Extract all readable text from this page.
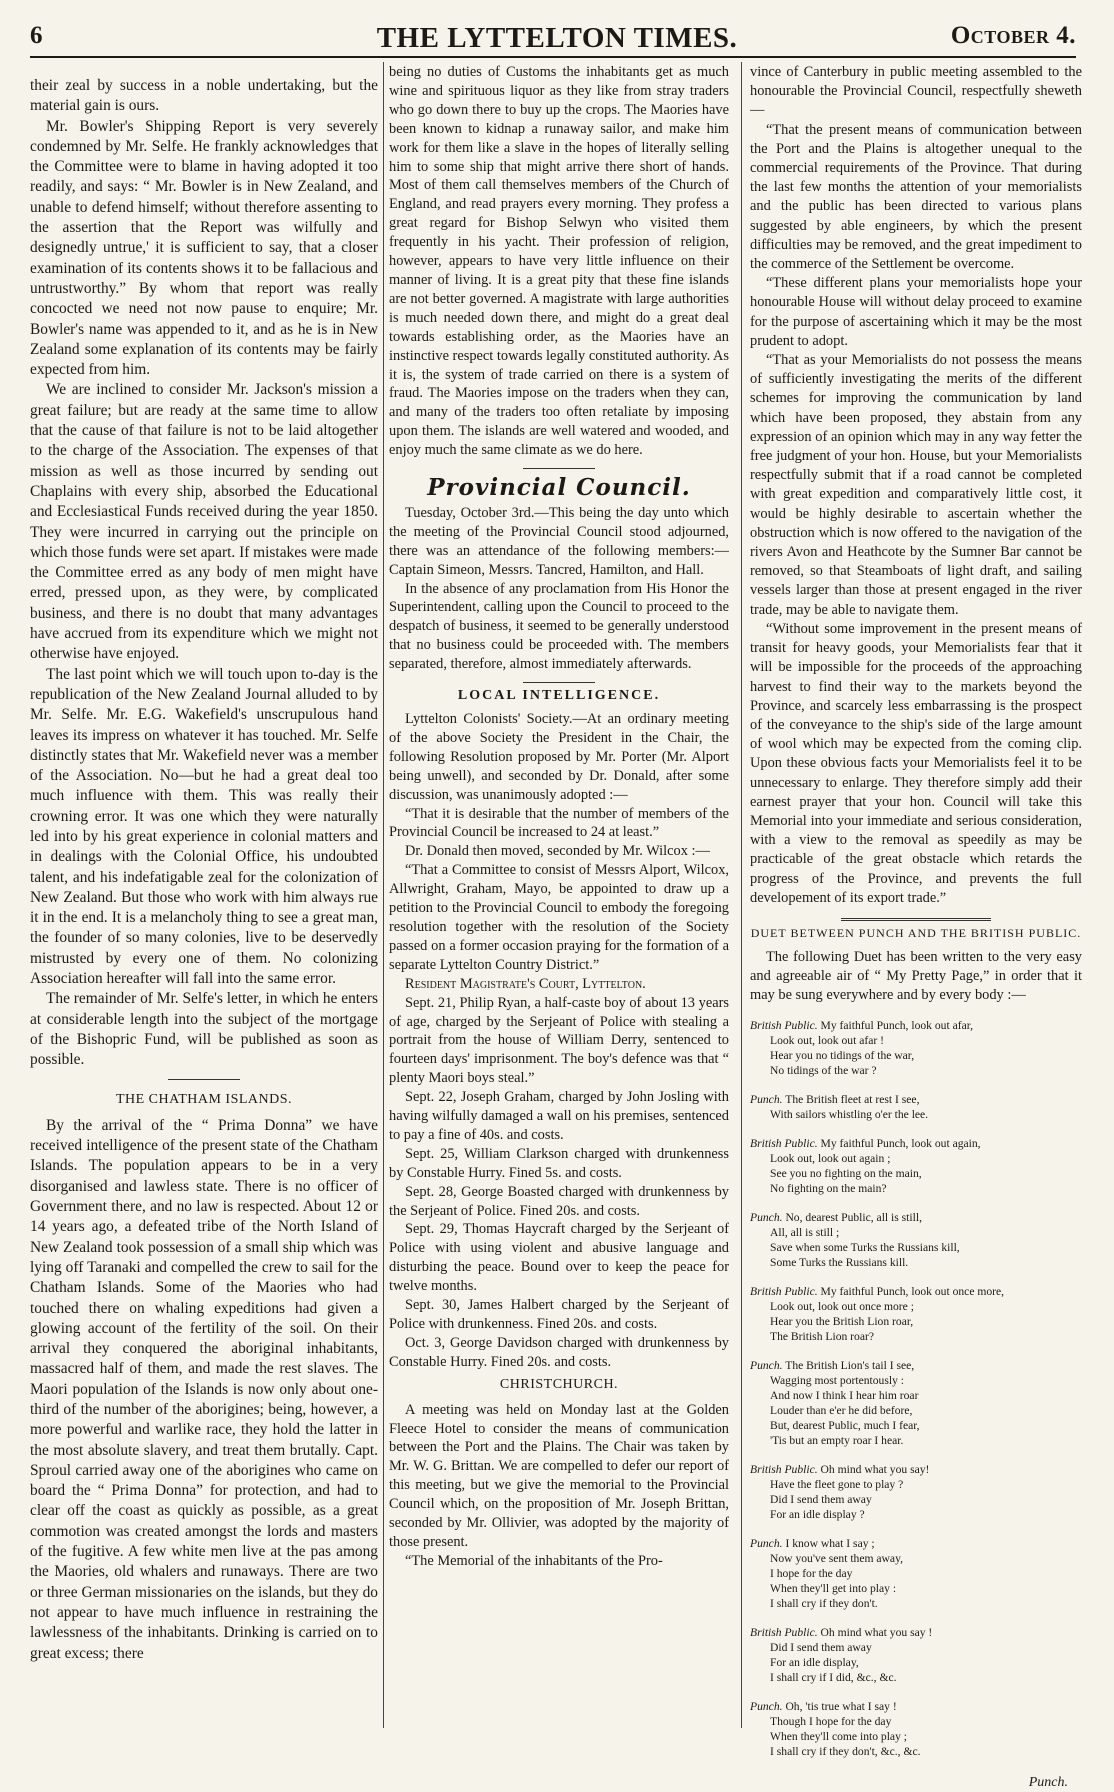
6	THE LYTTELTON TIMES.	October 4.

their zeal by success in a noble undertaking, but the material gain is ours.

Mr. Bowler's Shipping Report is very severely condemned by Mr. Selfe. He frankly acknowledges that the Committee were to blame in having adopted it too readily, and says: “ Mr. Bowler is in New Zealand, and unable to defend himself; without therefore assenting to the assertion that the Report was wilfully and designedly untrue,' it is sufficient to say, that a closer examination of its contents shows it to be fallacious and untrustworthy.” By whom that report was really concocted we need not now pause to enquire; Mr. Bowler's name was appended to it, and as he is in New Zealand some explanation of its contents may be fairly expected from him.

We are inclined to consider Mr. Jackson's mission a great failure; but are ready at the same time to allow that the cause of that failure is not to be laid altogether to the charge of the Association. The expenses of that mission as well as those incurred by sending out Chaplains with every ship, absorbed the Educational and Ecclesiastical Funds received during the year 1850. They were incurred in carrying out the principle on which those funds were set apart. If mistakes were made the Committee erred as any body of men might have erred, pressed upon, as they were, by complicated business, and there is no doubt that many advantages have accrued from its expenditure which we might not otherwise have enjoyed.

The last point which we will touch upon to-day is the republication of the New Zealand Journal alluded to by Mr. Selfe. Mr. E.G. Wakefield's unscrupulous hand leaves its impress on whatever it has touched. Mr. Selfe distinctly states that Mr. Wakefield never was a member of the Association. No—but he had a great deal too much influence with them. This was really their crowning error. It was one which they were naturally led into by his great experience in colonial matters and in dealings with the Colonial Office, his undoubted talent, and his indefatigable zeal for the colonization of New Zealand. But those who work with him always rue it in the end. It is a melancholy thing to see a great man, the founder of so many colonies, live to be deservedly mistrusted by every one of them. No colonizing Association hereafter will fall into the same error.

The remainder of Mr. Selfe's letter, in which he enters at considerable length into the subject of the mortgage of the Bishopric Fund, will be published as soon as possible.

THE CHATHAM ISLANDS.

By the arrival of the “ Prima Donna” we have received intelligence of the present state of the Chatham Islands. The population appears to be in a very disorganised and lawless state. There is no officer of Government there, and no law is respected. About 12 or 14 years ago, a defeated tribe of the North Island of New Zealand took possession of a small ship which was lying off Taranaki and compelled the crew to sail for the Chatham Islands. Some of the Maories who had touched there on whaling expeditions had given a glowing account of the fertility of the soil. On their arrival they conquered the aboriginal inhabitants, massacred half of them, and made the rest slaves. The Maori population of the Islands is now only about one-third of the number of the aborigines; being, however, a more powerful and warlike race, they hold the latter in the most absolute slavery, and treat them brutally. Capt. Sproul carried away one of the aborigines who came on board the “ Prima Donna” for protection, and had to clear off the coast as quickly as possible, as a great commotion was created amongst the lords and masters of the fugitive. A few white men live at the pas among the Maories, old whalers and runaways. There are two or three German missionaries on the islands, but they do not appear to have much influence in restraining the lawlessness of the inhabitants. Drinking is carried on to great excess; there

being no duties of Customs the inhabitants get as much wine and spirituous liquor as they like from stray traders who go down there to buy up the crops. The Maories have been known to kidnap a runaway sailor, and make him work for them like a slave in the hopes of literally selling him to some ship that might arrive there short of hands. Most of them call themselves members of the Church of England, and read prayers every morning. They profess a great regard for Bishop Selwyn who visited them frequently in his yacht. Their profession of religion, however, appears to have very little influence on their manner of living. It is a great pity that these fine islands are not better governed. A magistrate with large authorities is much needed down there, and might do a great deal towards establishing order, as the Maories have an instinctive respect towards legally constituted authority. As it is, the system of trade carried on there is a system of fraud. The Maories impose on the traders when they can, and many of the traders too often retaliate by imposing upon them. The islands are well watered and wooded, and enjoy much the same climate as we do here.

Provincial Council.

Tuesday, October 3rd.—This being the day unto which the meeting of the Provincial Council stood adjourned, there was an attendance of the following members:—Captain Simeon, Messrs. Tancred, Hamilton, and Hall.

In the absence of any proclamation from His Honor the Superintendent, calling upon the Council to proceed to the despatch of business, it seemed to be generally understood that no business could be proceeded with. The members separated, therefore, almost immediately afterwards.

LOCAL INTELLIGENCE.

Lyttelton Colonists' Society.—At an ordinary meeting of the above Society the President in the Chair, the following Resolution proposed by Mr. Porter (Mr. Alport being unwell), and seconded by Dr. Donald, after some discussion, was unanimously adopted :—

“That it is desirable that the number of members of the Provincial Council be increased to 24 at least.”

Dr. Donald then moved, seconded by Mr. Wilcox :—

“That a Committee to consist of Messrs Alport, Wilcox, Allwright, Graham, Mayo, be appointed to draw up a petition to the Provincial Council to embody the foregoing resolution together with the resolution of the Society passed on a former occasion praying for the formation of a separate Lyttelton Country District.”

Resident Magistrate's Court, Lyttelton.

Sept. 21, Philip Ryan, a half-caste boy of about 13 years of age, charged by the Serjeant of Police with stealing a portrait from the house of William Derry, sentenced to fourteen days' imprisonment. The boy's defence was that “ plenty Maori boys steal.”

Sept. 22, Joseph Graham, charged by John Josling with having wilfully damaged a wall on his premises, sentenced to pay a fine of 40s. and costs.

Sept. 25, William Clarkson charged with drunkenness by Constable Hurry. Fined 5s. and costs.

Sept. 28, George Boasted charged with drunkenness by the Serjeant of Police. Fined 20s. and costs.

Sept. 29, Thomas Haycraft charged by the Serjeant of Police with using violent and abusive language and disturbing the peace. Bound over to keep the peace for twelve months.

Sept. 30, James Halbert charged by the Serjeant of Police with drunkenness. Fined 20s. and costs.

Oct. 3, George Davidson charged with drunkenness by Constable Hurry. Fined 20s. and costs.

CHRISTCHURCH.

A meeting was held on Monday last at the Golden Fleece Hotel to consider the means of communication between the Port and the Plains. The Chair was taken by Mr. W. G. Brittan. We are compelled to defer our report of this meeting, but we give the memorial to the Provincial Council which, on the proposition of Mr. Joseph Brittan, seconded by Mr. Ollivier, was adopted by the majority of those present.

“The Memorial of the inhabitants of the Pro-

vince of Canterbury in public meeting assembled to the honourable the Provincial Council, respectfully sheweth—

“That the present means of communication between the Port and the Plains is altogether unequal to the commercial requirements of the Province. That during the last few months the attention of your memorialists and the public has been directed to various plans suggested by able engineers, by which the present difficulties may be removed, and the great impediment to the commerce of the Settlement be overcome.

“These different plans your memorialists hope your honourable House will without delay proceed to examine for the purpose of ascertaining which it may be the most prudent to adopt.

“That as your Memorialists do not possess the means of sufficiently investigating the merits of the different schemes for improving the communication by land which have been proposed, they abstain from any expression of an opinion which may in any way fetter the free judgment of your hon. House, but your Memorialists respectfully submit that if a road cannot be completed with great expedition and comparatively little cost, it would be highly desirable to ascertain whether the obstruction which is now offered to the navigation of the rivers Avon and Heathcote by the Sumner Bar cannot be removed, so that Steamboats of light draft, and sailing vessels larger than those at present engaged in the river trade, may be able to navigate them.

“Without some improvement in the present means of transit for heavy goods, your Memorialists fear that it will be impossible for the proceeds of the approaching harvest to find their way to the markets beyond the Province, and scarcely less embarrassing is the prospect of the conveyance to the ship's side of the large amount of wool which may be expected from the coming clip. Upon these obvious facts your Memorialists feel it to be unnecessary to enlarge. They therefore simply add their earnest prayer that your hon. Council will take this Memorial into your immediate and serious consideration, with a view to the removal as speedily as may be practicable of the great obstacle which retards the progress of the Province, and prevents the full developement of its export trade.”

DUET BETWEEN PUNCH AND THE BRITISH PUBLIC.

The following Duet has been written to the very easy and agreeable air of “ My Pretty Page,” in order that it may be sung everywhere and by every body :—

British Public. My faithful Punch, look out afar,
Look out, look out afar !
Hear you no tidings of the war,
No tidings of the war ?
Punch. The British fleet at rest I see,
With sailors whistling o'er the lee.
British Public. My faithful Punch, look out again,
Look out, look out again ;
See you no fighting on the main,
No fighting on the main?
Punch. No, dearest Public, all is still,
All, all is still ;
Save when some Turks the Russians kill,
Some Turks the Russians kill.
British Public. My faithful Punch, look out once more,
Look out, look out once more ;
Hear you the British Lion roar,
The British Lion roar?
Punch. The British Lion's tail I see,
Wagging most portentously :
And now I think I hear him roar
Louder than e'er he did before,
But, dearest Public, much I fear,
'Tis but an empty roar I hear.
British Public. Oh mind what you say!
Have the fleet gone to play ?
Did I send them away
For an idle display ?
Punch. I know what I say ;
Now you've sent them away,
I hope for the day
When they'll get into play :
I shall cry if they don't.
British Public. Oh mind what you say !
Did I send them away
For an idle display,
I shall cry if I did, &c., &c.
Punch. Oh, 'tis true what I say !
Though I hope for the day
When they'll come into play ;
I shall cry if they don't, &c., &c.
Punch.
